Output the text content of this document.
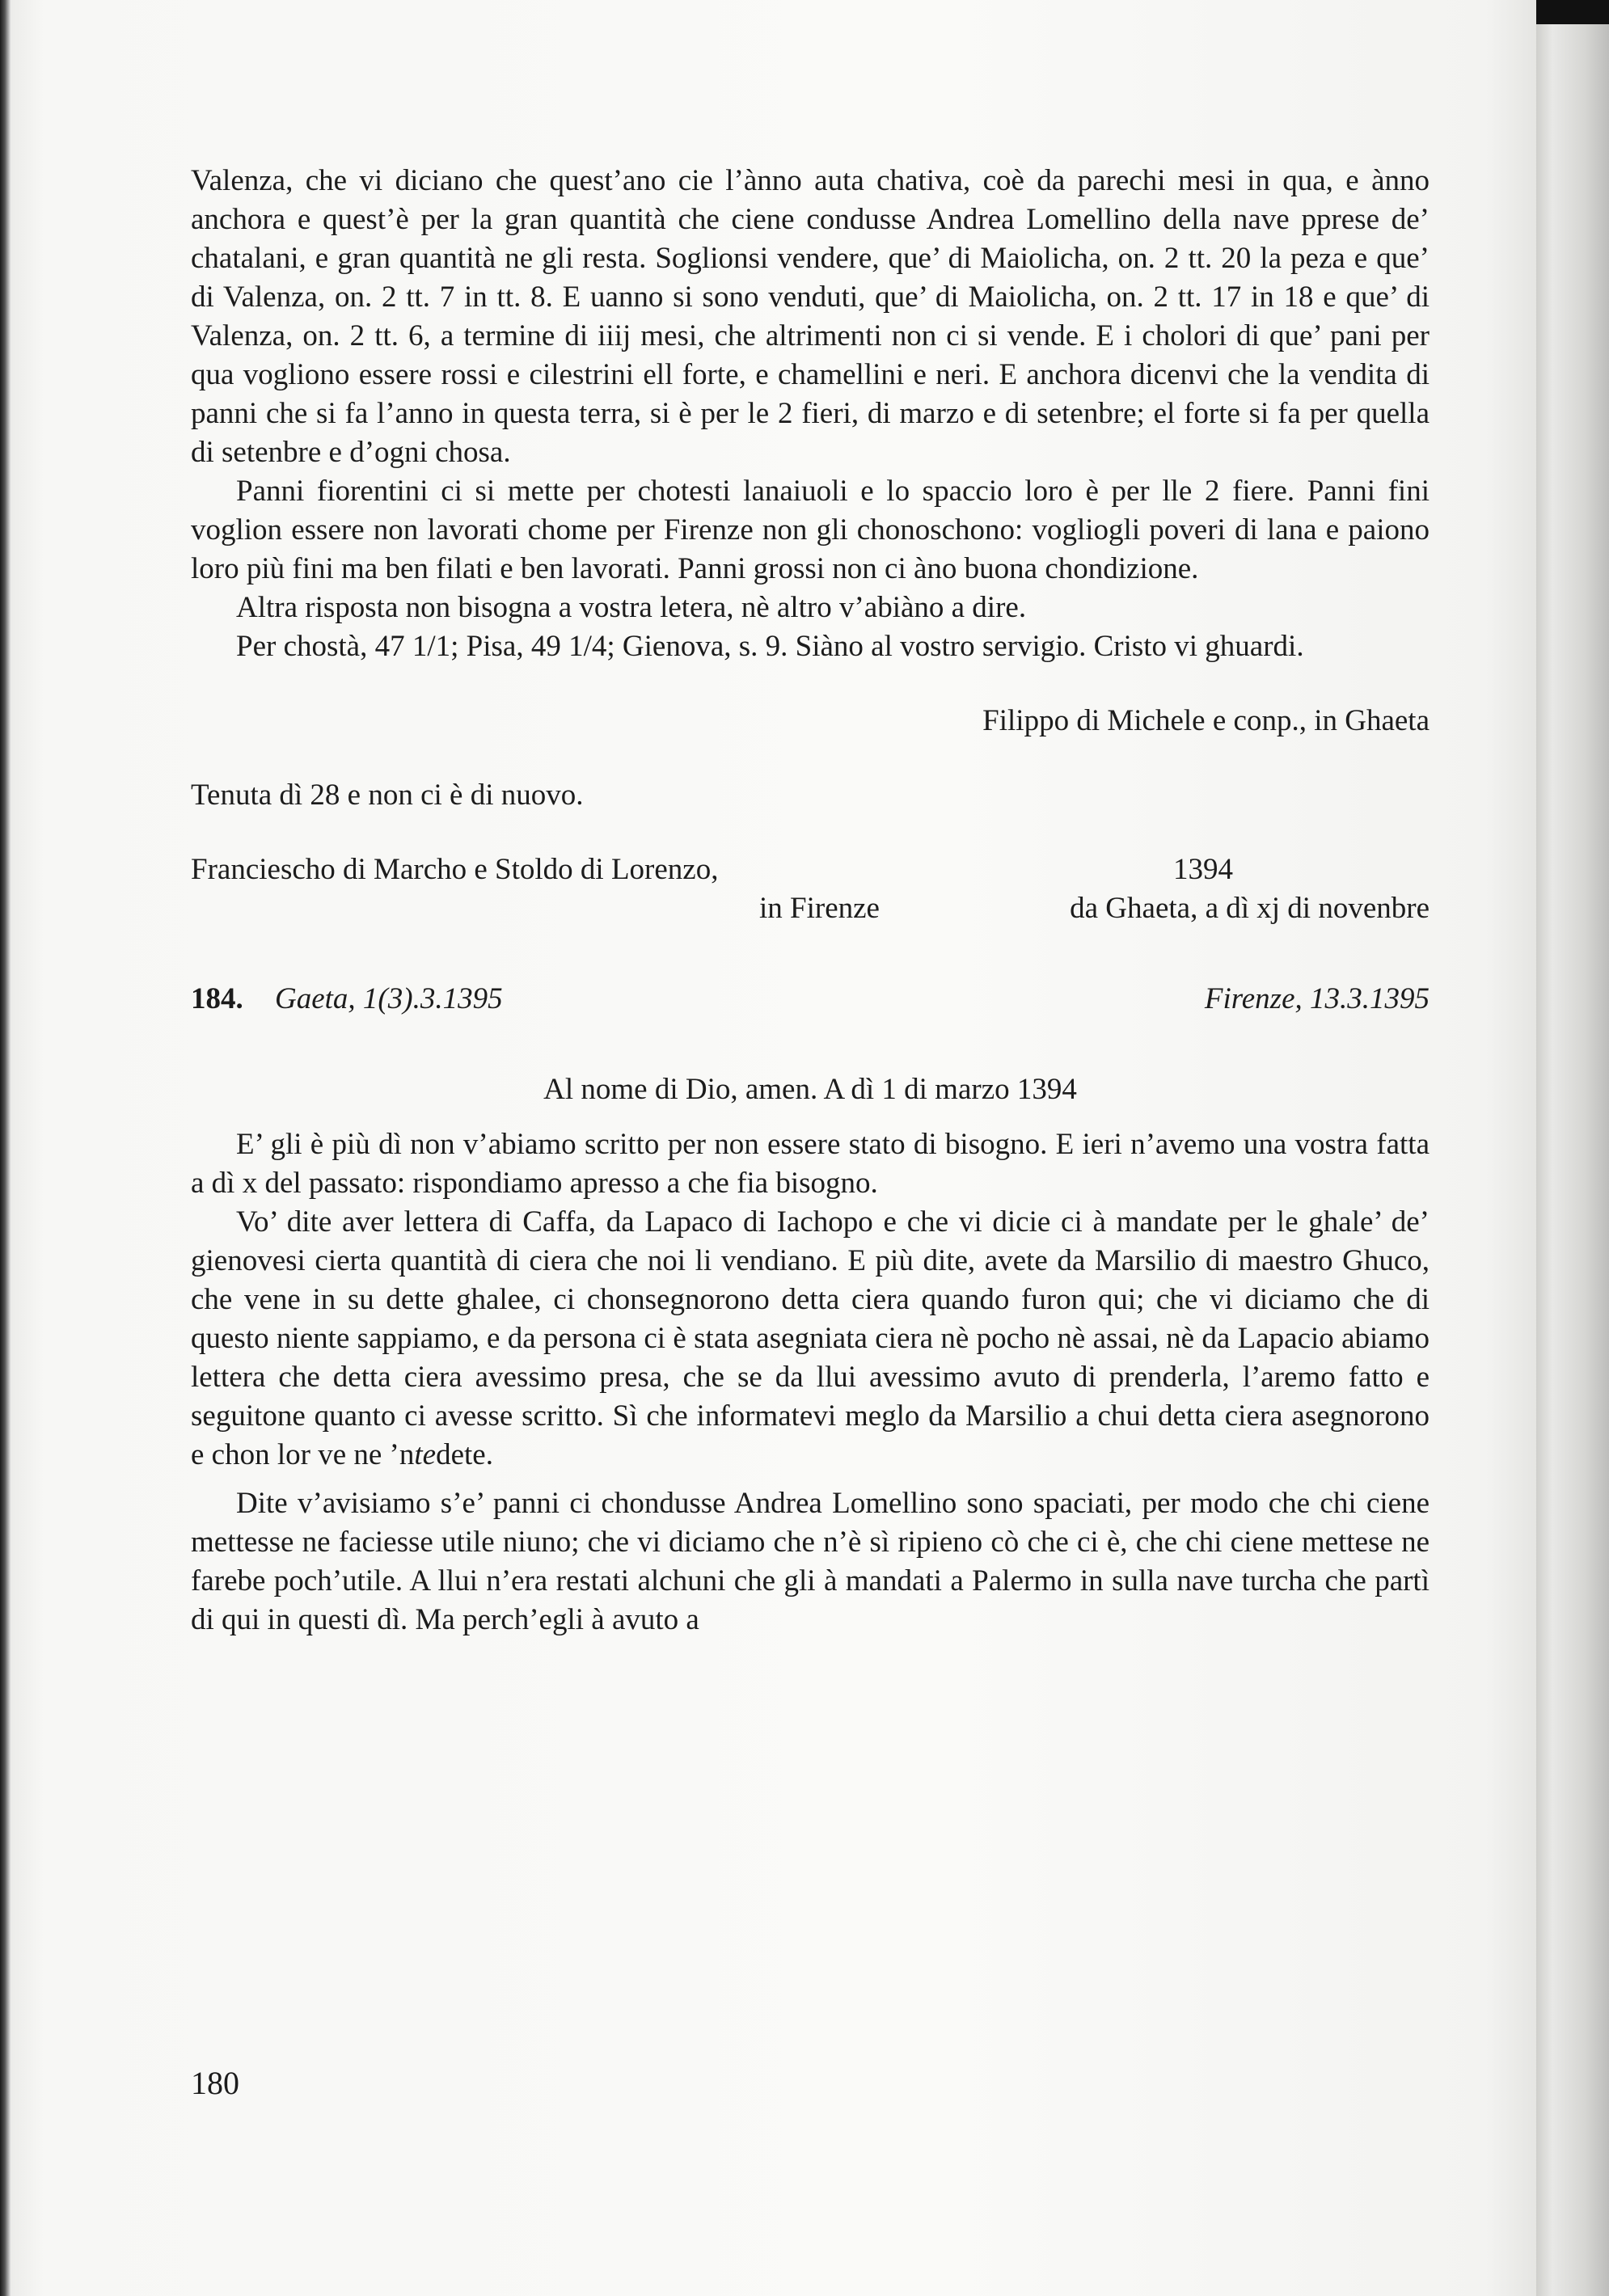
Valenza, che vi diciano che quest’ano cie l’ànno auta chativa, coè da parechi mesi in qua, e ànno anchora e quest’è per la gran quantità che ciene condusse Andrea Lomellino della nave pprese de’ chatalani, e gran quantità ne gli resta. Soglionsi vendere, que’ di Maiolicha, on. 2 tt. 20 la peza e que’ di Valenza, on. 2 tt. 7 in tt. 8. E uanno si sono venduti, que’ di Maiolicha, on. 2 tt. 17 in 18 e que’ di Valenza, on. 2 tt. 6, a termine di iiij mesi, che altrimenti non ci si vende. E i cholori di que’ pani per qua vogliono essere rossi e cilestrini ell forte, e chamellini e neri. E anchora dicenvi che la vendita di panni che si fa l’anno in questa terra, si è per le 2 fieri, di marzo e di setenbre; el forte si fa per quella di setenbre e d’ogni chosa.

Panni fiorentini ci si mette per chotesti lanaiuoli e lo spaccio loro è per lle 2 fiere. Panni fini voglion essere non lavorati chome per Firenze non gli chonoschono: vogliogli poveri di lana e paiono loro più fini ma ben filati e ben lavorati. Panni grossi non ci àno buona chondizione.

Altra risposta non bisogna a vostra letera, nè altro v’abiàno a dire.

Per chostà, 47 1/1; Pisa, 49 1/4; Gienova, s. 9. Siàno al vostro servigio. Cristo vi ghuardi.

Filippo di Michele e conp., in Ghaeta

Tenuta dì 28 e non ci è di nuovo.

Franciescho di Marcho e Stoldo di Lorenzo,	1394
in Firenze	da Ghaeta, a dì xj di novenbre
184. Gaeta, 1(3).3.1395	Firenze, 13.3.1395

Al nome di Dio, amen. A dì 1 di marzo 1394

E’ gli è più dì non v’abiamo scritto per non essere stato di bisogno. E ieri n’avemo una vostra fatta a dì x del passato: rispondiamo apresso a che fia bisogno.

Vo’ dite aver lettera di Caffa, da Lapaco di Iachopo e che vi dicie ci à mandate per le ghale’ de’ gienovesi cierta quantità di ciera che noi li vendiano. E più dite, avete da Marsilio di maestro Ghuco, che vene in su dette ghalee, ci chonsegnorono detta ciera quando furon qui; che vi diciamo che di questo niente sappiamo, e da persona ci è stata asegniata ciera nè pocho nè assai, nè da Lapacio abiamo lettera che detta ciera avessimo presa, che se da llui avessimo avuto di prenderla, l’aremo fatto e seguitone quanto ci avesse scritto. Sì che informatevi meglo da Marsilio a chui detta ciera asegnorono e chon lor ve ne ’ntedete.

Dite v’avisiamo s’e’ panni ci chondusse Andrea Lomellino sono spaciati, per modo che chi ciene mettesse ne faciesse utile niuno; che vi diciamo che n’è sì ripieno cò che ci è, che chi ciene mettese ne farebe poch’utile. A llui n’era restati alchuni che gli à mandati a Palermo in sulla nave turcha che partì di qui in questi dì. Ma perch’egli à avuto a

180
